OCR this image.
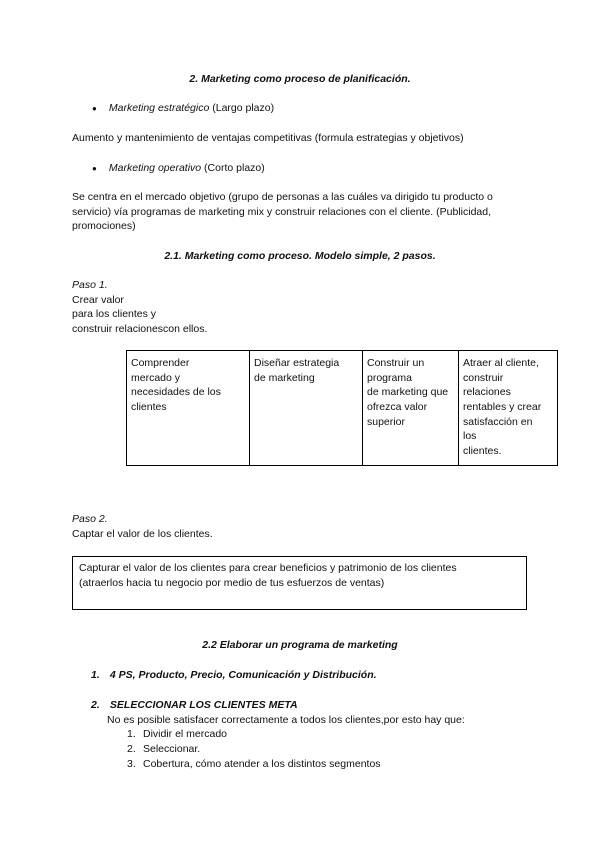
2. Marketing como proceso de planificación.
● Marketing estratégico (Largo plazo)
Aumento y mantenimiento de ventajas competitivas (formula estrategias y objetivos)
● Marketing operativo (Corto plazo)
Se centra en el mercado objetivo (grupo de personas a las cuáles va dirigido tu producto o
servicio) vía programas de marketing mix y construir relaciones con el cliente. (Publicidad,
promociones)
2.1. Marketing como proceso. Modelo simple, 2 pasos.
Paso 1.
Crear valor
para los clientes y
construir relacionescon ellos.
Comprender
mercado y
necesidades de los
clientes	Diseñar estrategia
de marketing	Construir un
programa
de marketing que
ofrezca valor
superior	Atraer al cliente,
construir
relaciones
rentables y crear
satisfacción en
los
clientes.
Paso 2.
Captar el valor de los clientes.
Capturar el valor de los clientes para crear beneficios y patrimonio de los clientes
(atraerlos hacia tu negocio por medio de tus esfuerzos de ventas)
2.2 Elaborar un programa de marketing
1. 4 PS, Producto, Precio, Comunicación y Distribución.
2. SELECCIONAR LOS CLIENTES META
No es posible satisfacer correctamente a todos los clientes,por esto hay que:
1. Dividir el mercado
2. Seleccionar.
3. Cobertura, cómo atender a los distintos segmentos
